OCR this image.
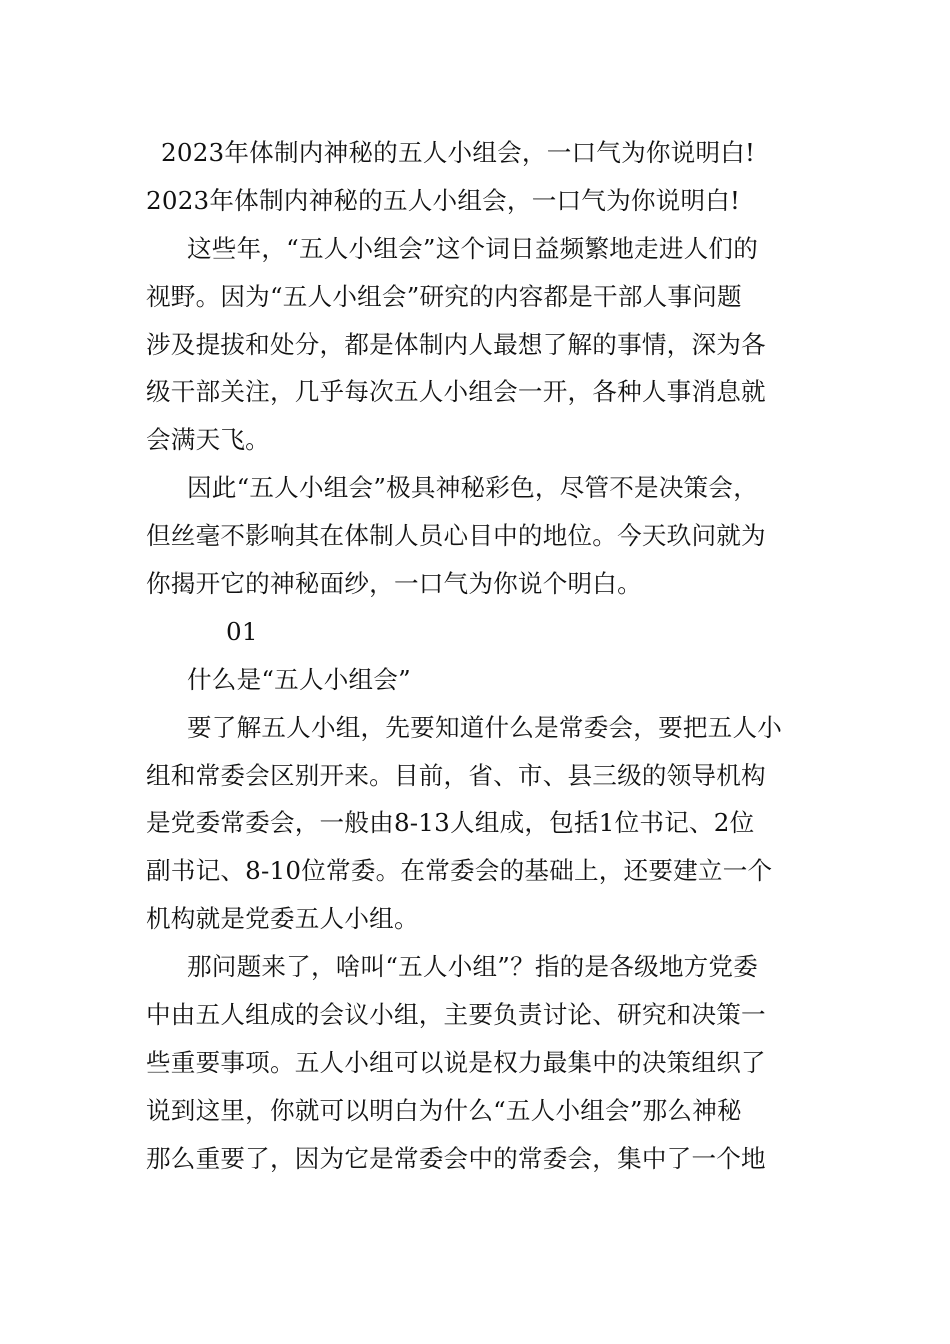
2023年体制内神秘的五人小组会，一口气为你说明白!
2023年体制内神秘的五人小组会，一口气为你说明白!
这些年，“五人小组会”这个词日益频繁地走进人们的
视野。因为“五人小组会”研究的内容都是干部人事问题
涉及提拔和处分，都是体制内人最想了解的事情，深为各
级干部关注，几乎每次五人小组会一开，各种人事消息就
会满天飞。
因此“五人小组会”极具神秘彩色，尽管不是决策会，
但丝毫不影响其在体制人员心目中的地位。今天玖问就为
你揭开它的神秘面纱，一口气为你说个明白。
01
什么是“五人小组会”
要了解五人小组，先要知道什么是常委会，要把五人小
组和常委会区别开来。目前，省、市、县三级的领导机构
是党委常委会，一般由8-13人组成，包括1位书记、2位
副书记、8-10位常委。在常委会的基础上，还要建立一个
机构就是党委五人小组。
那问题来了，啥叫“五人小组”？指的是各级地方党委
中由五人组成的会议小组，主要负责讨论、研究和决策一
些重要事项。五人小组可以说是权力最集中的决策组织了
说到这里，你就可以明白为什么“五人小组会”那么神秘
那么重要了，因为它是常委会中的常委会，集中了一个地
